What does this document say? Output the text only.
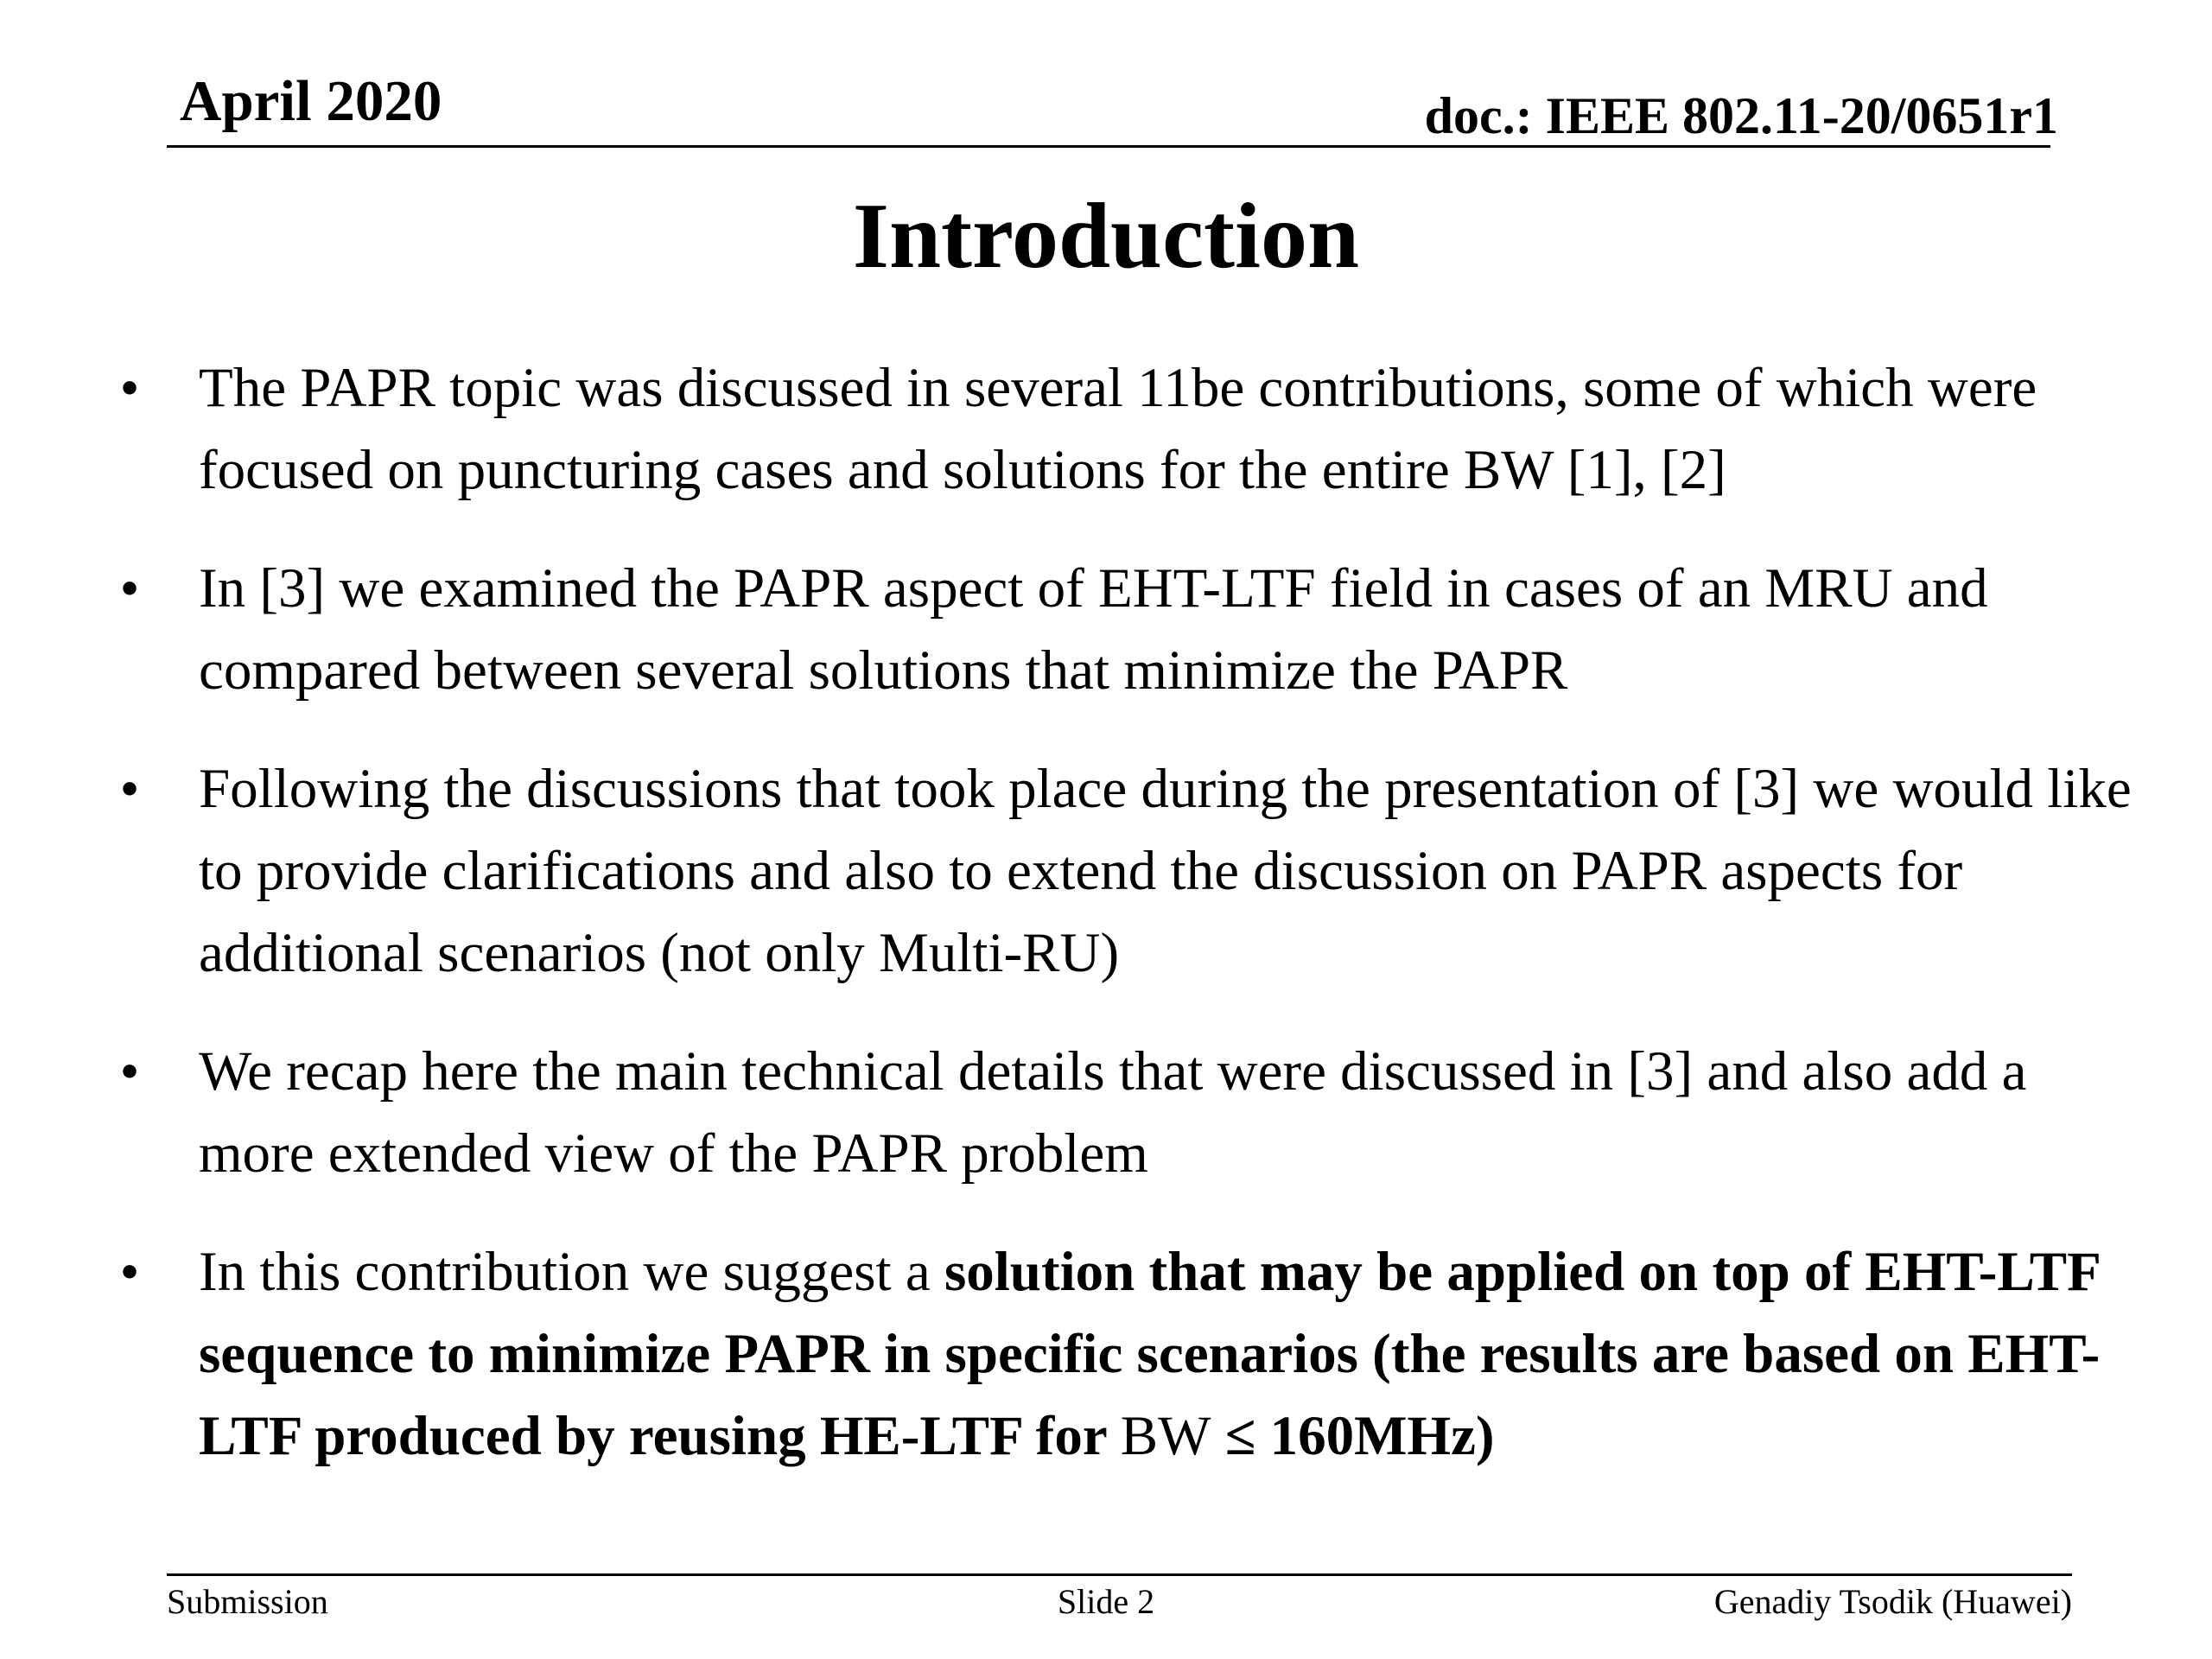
April 2020	doc.: IEEE 802.11-20/0651r1
Introduction
• The PAPR topic was discussed in several 11be contributions, some of which were focused on puncturing cases and solutions for the entire BW [1], [2]
• In [3] we examined the PAPR aspect of EHT-LTF field in cases of an MRU and compared between several solutions that minimize the PAPR
• Following the discussions that took place during the presentation of [3] we would like to provide clarifications and also to extend the discussion on PAPR aspects for additional scenarios (not only Multi-RU)
• We recap here the main technical details that were discussed in [3] and also add a more extended view of the PAPR problem
• In this contribution we suggest a solution that may be applied on top of EHT-LTF sequence to minimize PAPR in specific scenarios (the results are based on EHT-LTF produced by reusing HE-LTF for BW ≤ 160MHz)
Submission	Slide 2	Genadiy Tsodik (Huawei)
